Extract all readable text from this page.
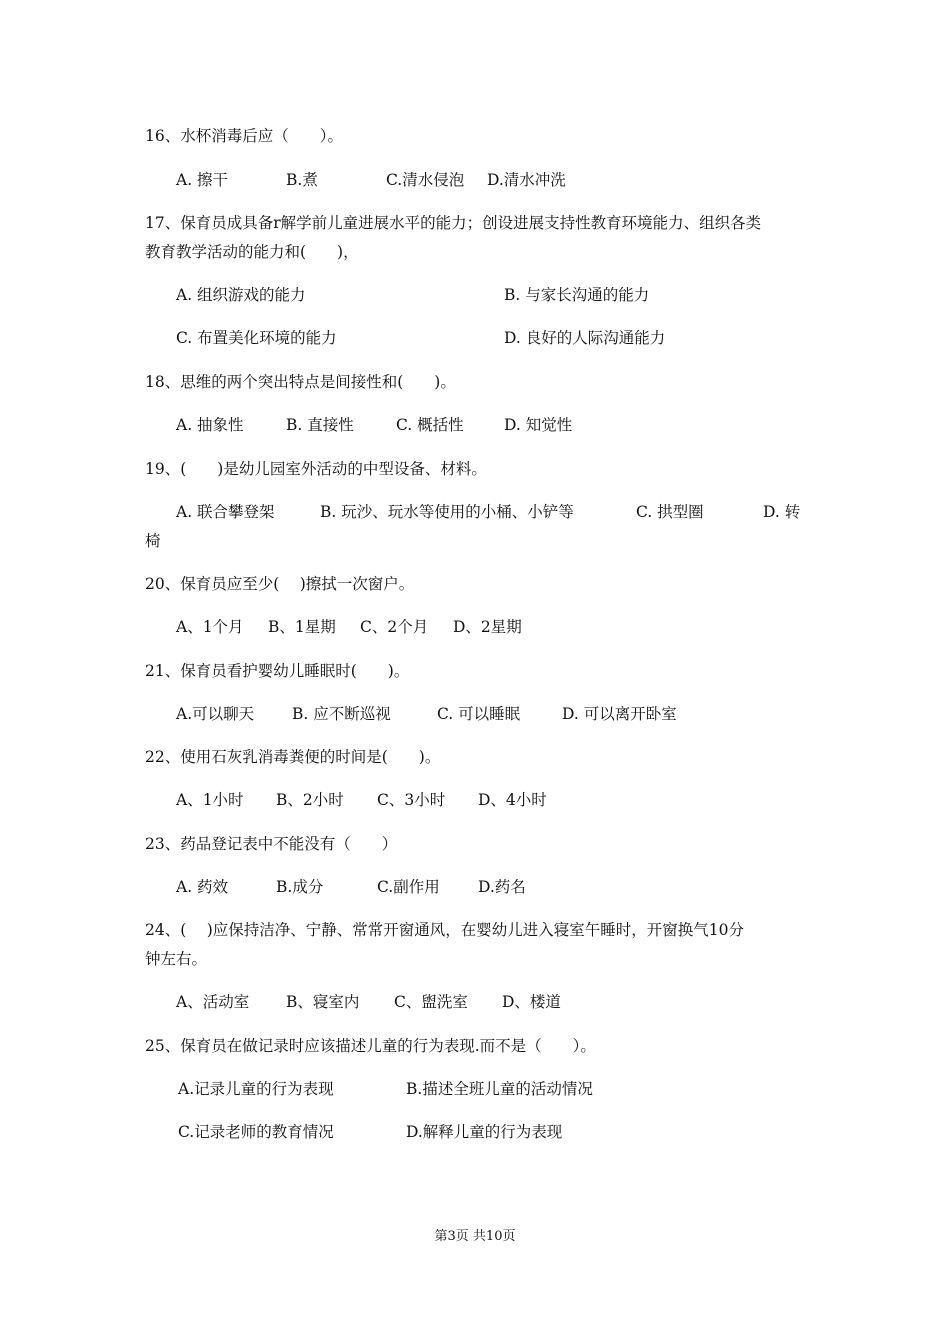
16、水杯消毒后应（　　）。
A. 擦干	B.煮	C.清水侵泡 D.清水冲洗
17、保育员成具备r解学前儿童进展水平的能力；创设进展支持性教育环境能力、组织各类
教育教学活动的能力和(　　)，
A. 组织游戏的能力	B. 与家长沟通的能力
C. 布置美化环境的能力	D. 良好的人际沟通能力
18、思维的两个突出特点是间接性和(　　)。
A. 抽象性	B. 直接性	C. 概括性	D. 知觉性
19、(　　)是幼儿园室外活动的中型设备、材料。
A. 联合攀登架	B. 玩沙、玩水等使用的小桶、小铲等	C. 拱型圈	D. 转
椅
20、保育员应至少(　 )擦拭一次窗户。
A、1个月 B、1星期 C、2个月 D、2星期
21、保育员看护婴幼儿睡眠时(　　)。
A.可以聊天 B. 应不断巡视	C. 可以睡眠	D. 可以离开卧室
22、使用石灰乳消毒粪便的时间是(　　)。
A、1小时 B、2小时 C、3小时 D、4小时
23、药品登记表中不能没有（　　）
A. 药效	B.成分	C.副作用 D.药名
24、(　 )应保持洁净、宁静、常常开窗通风，在婴幼儿进入寝室午睡时，开窗换气10分
钟左右。
A、活动室 B、寝室内 C、盥洗室 D、楼道
25、保育员在做记录时应该描述儿童的行为表现.而不是（　　）。
A.记录儿童的行为表现	B.描述全班儿童的活动情况
C.记录老师的教育情况	D.解释儿童的行为表现
第3页 共10页
